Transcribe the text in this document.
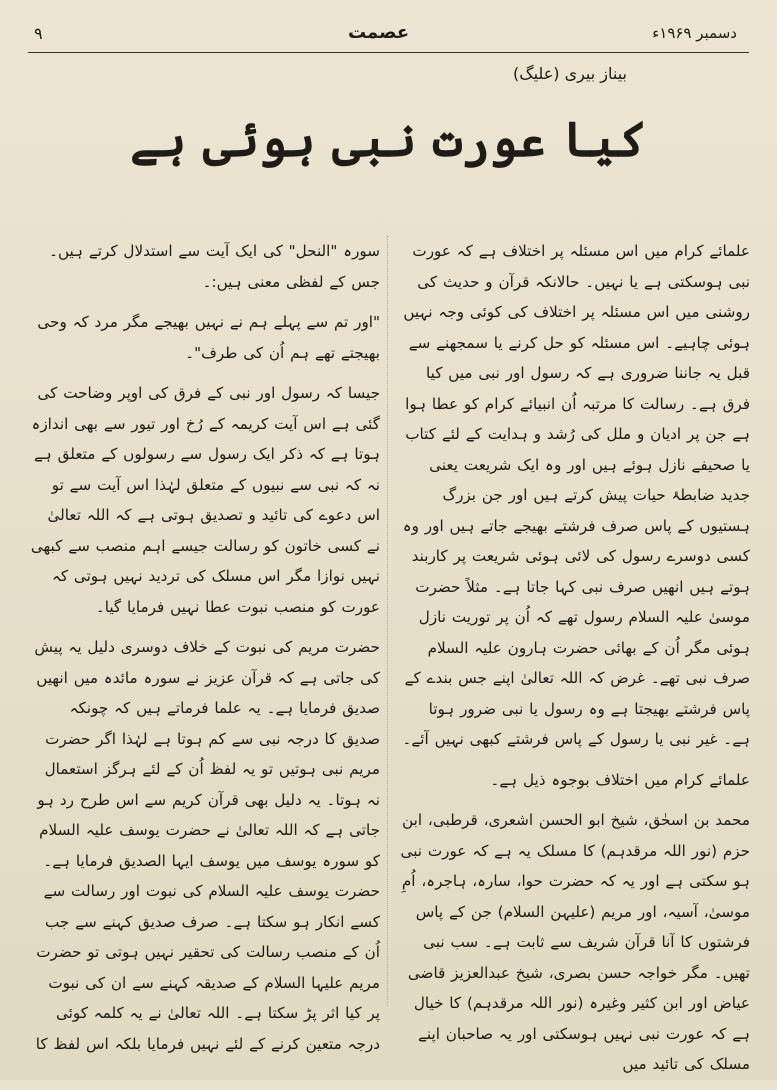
۹	عصمت	دسمبر ۱۹۶۹ء
بیناز بیری (علیگ)
کیا عورت نبی ہوئی ہے

علمائے کرام میں اس مسئلہ پر اختلاف ہے کہ عورت نبی ہوسکتی ہے یا نہیں۔ حالانکہ قرآن و حدیث کی روشنی میں اس مسئلہ پر اختلاف کی کوئی وجہ نہیں ہوئی چاہیے۔ اس مسئلہ کو حل کرنے یا سمجھنے سے قبل یہ جاننا ضروری ہے کہ رسول اور نبی میں کیا فرق ہے۔ رسالت کا مرتبہ اُن انبیائے کرام کو عطا ہوا ہے جن پر ادیان و ملل کی رُشد و ہدایت کے لئے کتاب یا صحیفے نازل ہوئے ہیں اور وہ ایک شریعت یعنی جدید ضابطۂ حیات پیش کرتے ہیں اور جن بزرگ ہستیوں کے پاس صرف فرشتے بھیجے جاتے ہیں اور وہ کسی دوسرے رسول کی لائی ہوئی شریعت پر کاربند ہوتے ہیں انھیں صرف نبی کہا جاتا ہے۔ مثلاً حضرت موسیٰ علیہ السلام رسول تھے کہ اُن پر توریت نازل ہوئی مگر اُن کے بھائی حضرت ہارون علیہ السلام صرف نبی تھے۔ غرض کہ اللہ تعالیٰ اپنے جس بندے کے پاس فرشتے بھیجتا ہے وہ رسول یا نبی ضرور ہوتا ہے۔ غیر نبی یا رسول کے پاس فرشتے کبھی نہیں آئے۔

علمائے کرام میں اختلاف بوجوہ ذیل ہے۔

محمد بن اسحٰق، شیخ ابو الحسن اشعری، قرطبی، ابن حزم (نور اللہ مرقدہم) کا مسلک یہ ہے کہ عورت نبی ہو سکتی ہے اور یہ کہ حضرت حوا، سارہ، ہاجرہ، اُمِ موسیٰ، آسیہ، اور مریم (علیہن السلام) جن کے پاس فرشتوں کا آنا قرآن شریف سے ثابت ہے۔ سب نبی تھیں۔ مگر خواجہ حسن بصری، شیخ عبدالعزیز قاضی عیاض اور ابن کثیر وغیرہ (نور اللہ مرقدہم) کا خیال ہے کہ عورت نبی نہیں ہوسکتی اور یہ صاحبان اپنے مسلک کی تائید میں

سورہ "النحل" کی ایک آیت سے استدلال کرتے ہیں۔ جس کے لفظی معنی ہیں:۔

"اور تم سے پہلے ہم نے نہیں بھیجے مگر مرد کہ وحی بھیجتے تھے ہم اُن کی طرف"۔

جیسا کہ رسول اور نبی کے فرق کی اوپر وضاحت کی گئی ہے اس آیت کریمہ کے رُخ اور تیور سے بھی اندازہ ہوتا ہے کہ ذکر ایک رسول سے رسولوں کے متعلق ہے نہ کہ نبی سے نبیوں کے متعلق لہٰذا اس آیت سے تو اس دعوے کی تائید و تصدیق ہوتی ہے کہ اللہ تعالیٰ نے کسی خاتون کو رسالت جیسے اہم منصب سے کبھی نہیں نوازا مگر اس مسلک کی تردید نہیں ہوتی کہ عورت کو منصب نبوت عطا نہیں فرمایا گیا۔

حضرت مریم کی نبوت کے خلاف دوسری دلیل یہ پیش کی جاتی ہے کہ قرآن عزیز نے سورہ مائدہ میں انھیں صدیق فرمایا ہے۔ یہ علما فرماتے ہیں کہ چونکہ صدیق کا درجہ نبی سے کم ہوتا ہے لہٰذا اگر حضرت مریم نبی ہوتیں تو یہ لفظ اُن کے لئے ہرگز استعمال نہ ہوتا۔ یہ دلیل بھی قرآن کریم سے اس طرح رد ہو جاتی ہے کہ اللہ تعالیٰ نے حضرت یوسف علیہ السلام کو سورہ یوسف میں یوسف ایہا الصدیق فرمایا ہے۔ حضرت یوسف علیہ السلام کی نبوت اور رسالت سے کسے انکار ہو سکتا ہے۔ صرف صدیق کہنے سے جب اُن کے منصب رسالت کی تحقیر نہیں ہوتی تو حضرت مریم علیہا السلام کے صدیقہ کہنے سے ان کی نبوت پر کیا اثر پڑ سکتا ہے۔ اللہ تعالیٰ نے یہ کلمہ کوئی درجہ متعین کرنے کے لئے نہیں فرمایا بلکہ اس لفظ کا
